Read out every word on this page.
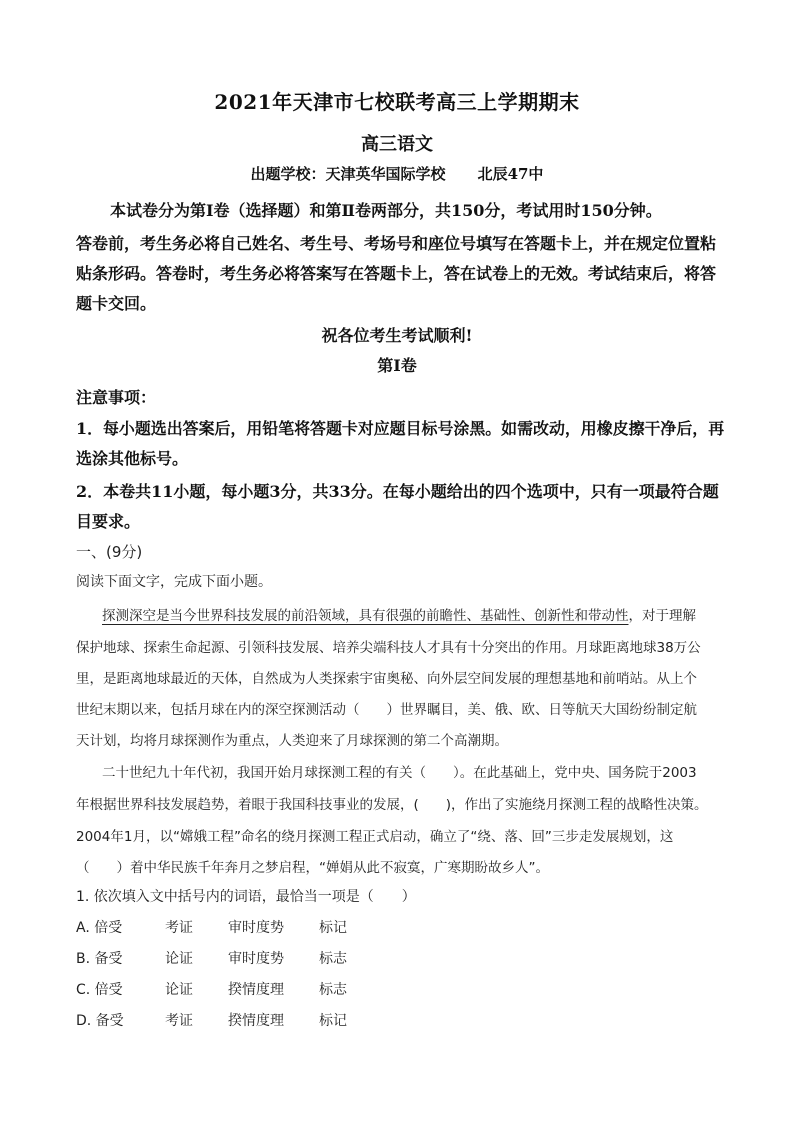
2021年天津市七校联考高三上学期期末
高三语文
出题学校：天津英华国际学校 北辰47中
本试卷分为第Ⅰ卷（选择题）和第Ⅱ卷两部分，共150分，考试用时150分钟。
答卷前，考生务必将自己姓名、考生号、考场号和座位号填写在答题卡上，并在规定位置粘
贴条形码。答卷时，考生务必将答案写在答题卡上，答在试卷上的无效。考试结束后，将答
题卡交回。
祝各位考生考试顺利!
第Ⅰ卷
注意事项：
1．每小题选出答案后，用铅笔将答题卡对应题目标号涂黑。如需改动，用橡皮擦干净后，再
选涂其他标号。
2．本卷共11小题，每小题3分，共33分。在每小题给出的四个选项中，只有一项最符合题
目要求。
一、(9分)
阅读下面文字，完成下面小题。
探测深空是当今世界科技发展的前沿领域，具有很强的前瞻性、基础性、创新性和带动性，对于理解
保护地球、探索生命起源、引领科技发展、培养尖端科技人才具有十分突出的作用。月球距离地球38万公
里，是距离地球最近的天体，自然成为人类探索宇宙奥秘、向外层空间发展的理想基地和前哨站。从上个
世纪末期以来，包括月球在内的深空探测活动（　　）世界瞩目，美、俄、欧、日等航天大国纷纷制定航
天计划，均将月球探测作为重点，人类迎来了月球探测的第二个高潮期。
二十世纪九十年代初，我国开始月球探测工程的有关（　　）。在此基础上，党中央、国务院于2003
年根据世界科技发展趋势，着眼于我国科技事业的发展，(　　)，作出了实施绕月探测工程的战略性决策。
2004年1月，以“嫦娥工程”命名的绕月探测工程正式启动，确立了“绕、落、回”三步走发展规划，这
（　　）着中华民族千年奔月之梦启程，“婵娟从此不寂寞，广寒期盼故乡人”。
1. 依次填入文中括号内的词语，最恰当一项是（　　）
A. 倍受	考证	审时度势	标记
B. 备受	论证	审时度势	标志
C. 倍受	论证	揆情度理	标志
D. 备受	考证	揆情度理	标记
